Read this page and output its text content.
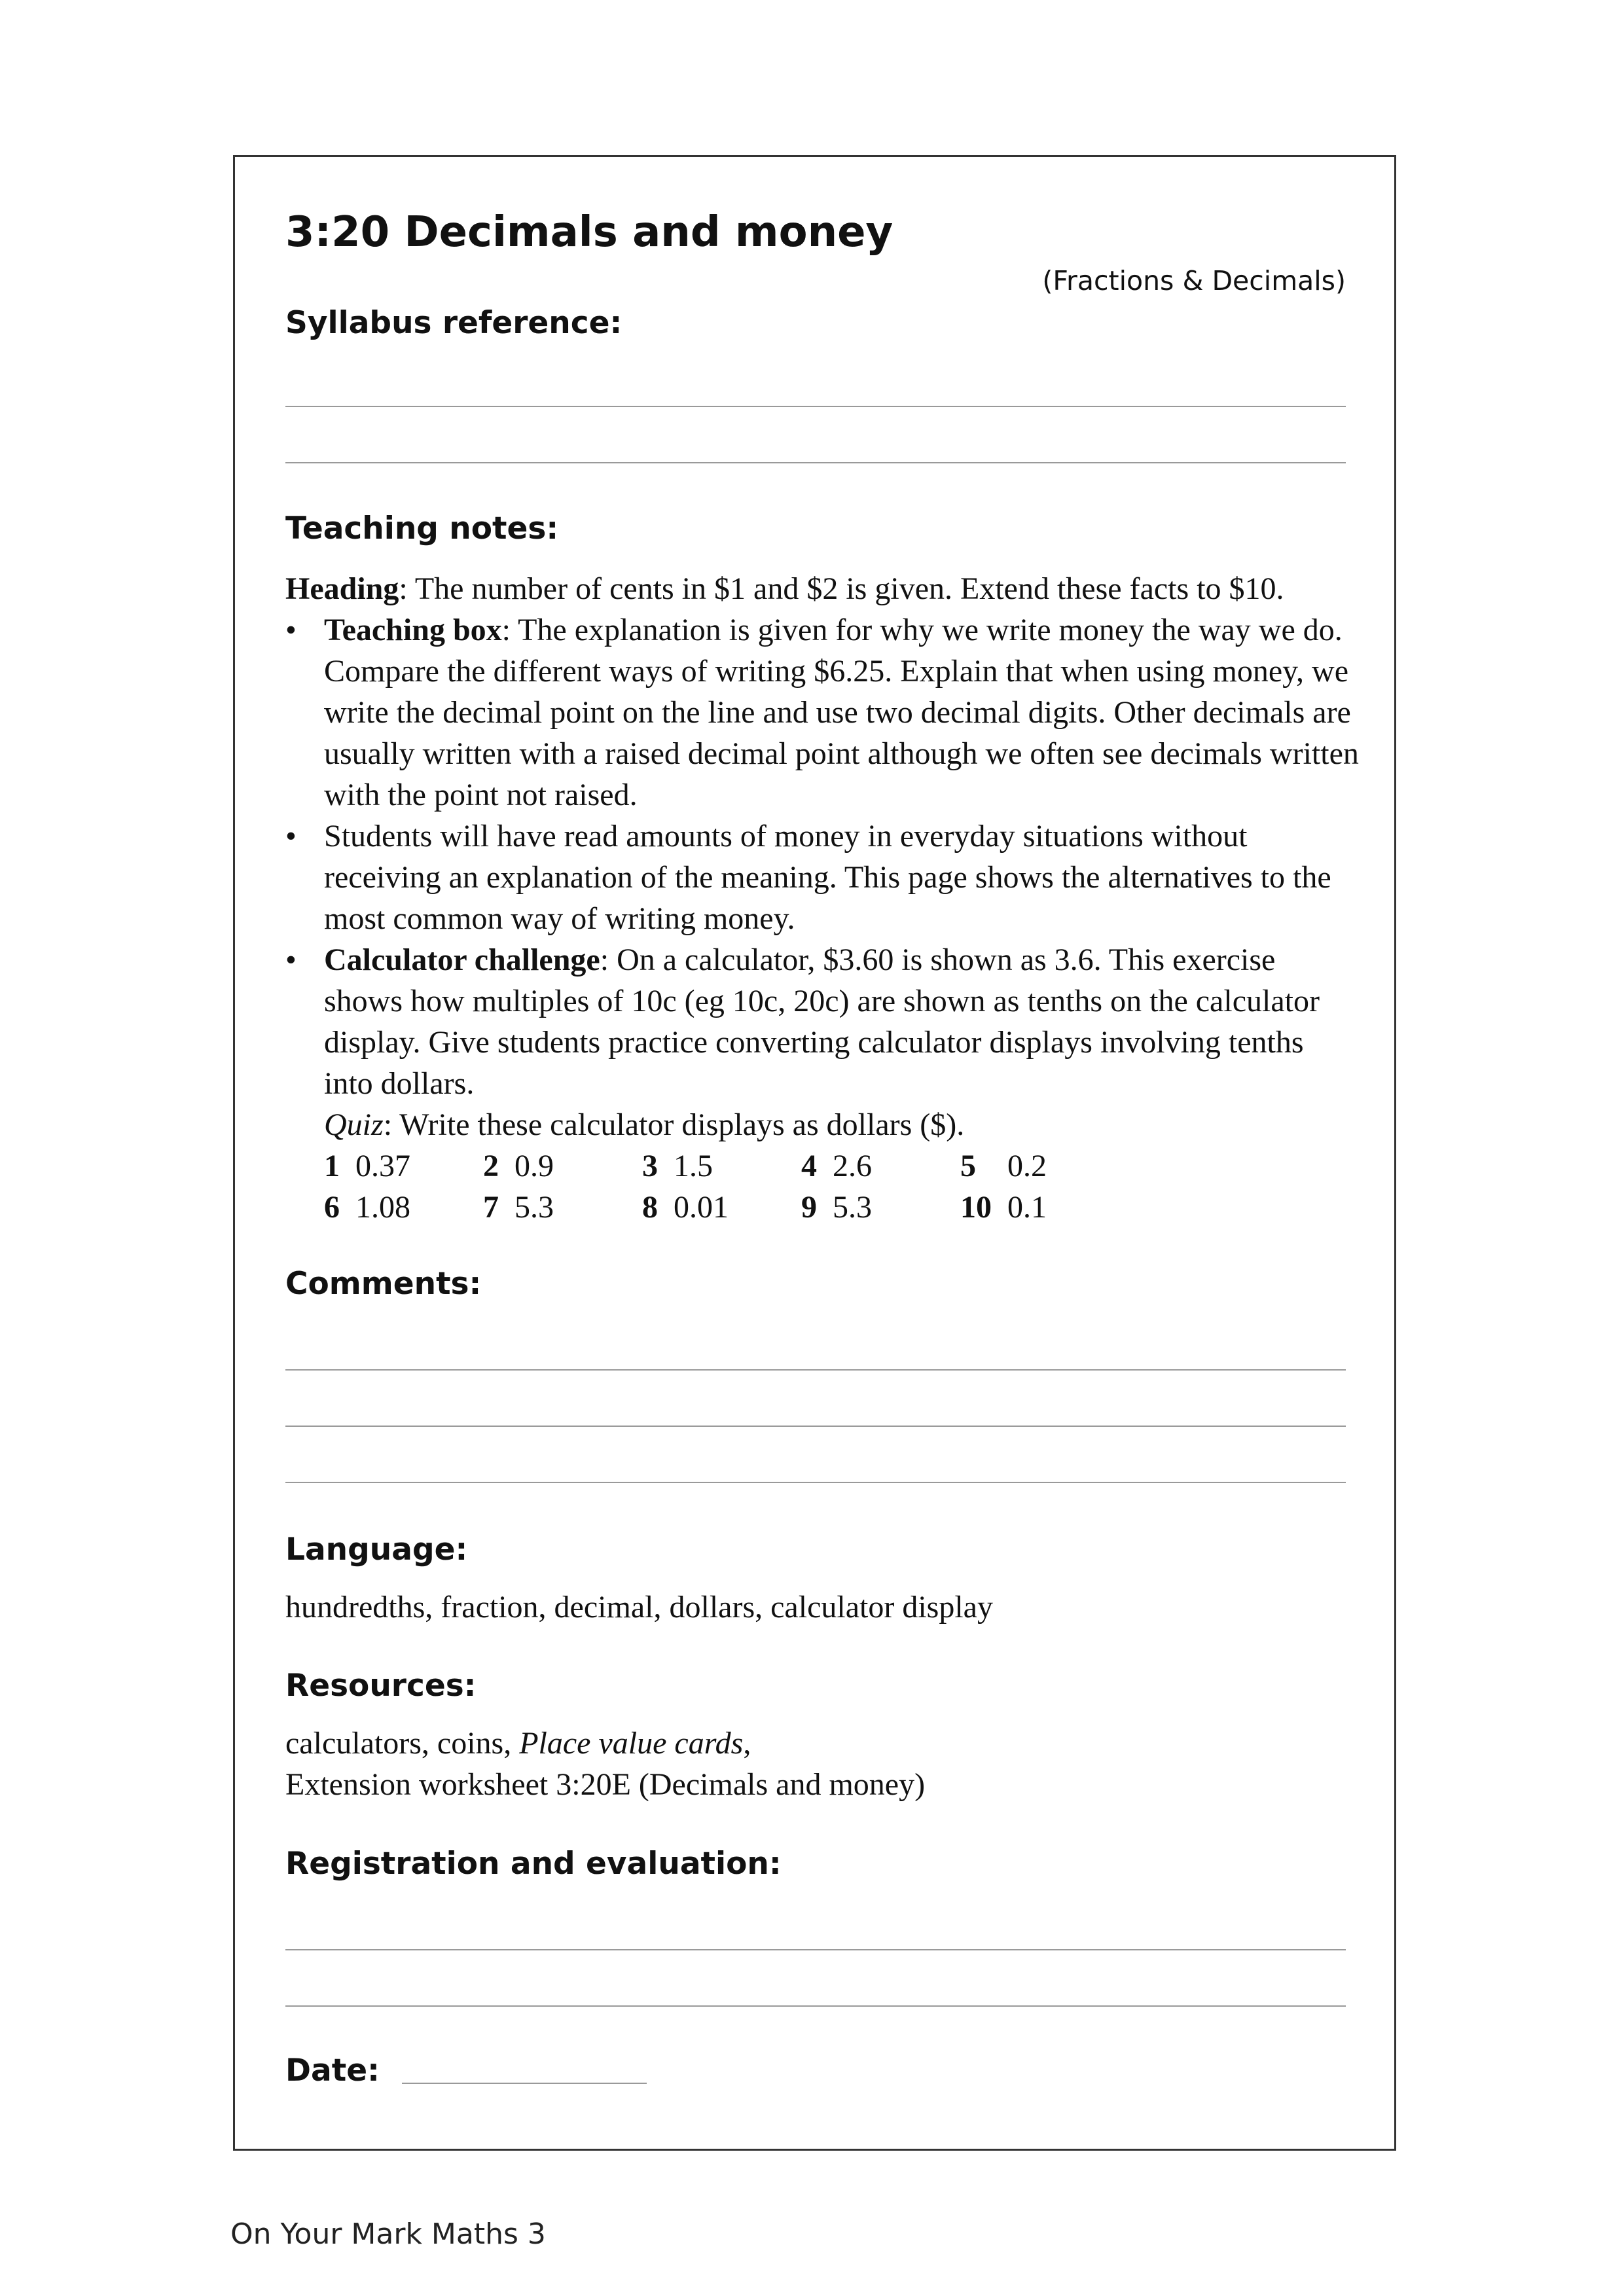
3:20 Decimals and money
(Fractions & Decimals)
Syllabus reference:
Teaching notes:

Heading: The number of cents in $1 and $2 is given. Extend these facts to $10.

• Teaching box: The explanation is given for why we write money the way we do. Compare the different ways of writing $6.25. Explain that when using money, we write the decimal point on the line and use two decimal digits. Other decimals are usually written with a raised decimal point although we often see decimals written with the point not raised.
• Students will have read amounts of money in everyday situations without receiving an explanation of the meaning. This page shows the alternatives to the most common way of writing money.
• Calculator challenge: On a calculator, $3.60 is shown as 3.6. This exercise shows how multiples of 10c (eg 10c, 20c) are shown as tenths on the calculator display. Give students practice converting calculator displays involving tenths into dollars.
Quiz: Write these calculator displays as dollars ($).
1 0.37	2 0.9	3 1.5	4 2.6	5 0.2
6 1.08	7 5.3	8 0.01	9 5.3	10 0.1
Comments:
Language:
hundredths, fraction, decimal, dollars, calculator display
Resources:
calculators, coins, Place value cards,
Extension worksheet 3:20E (Decimals and money)
Registration and evaluation:
Date:
On Your Mark Maths 3
